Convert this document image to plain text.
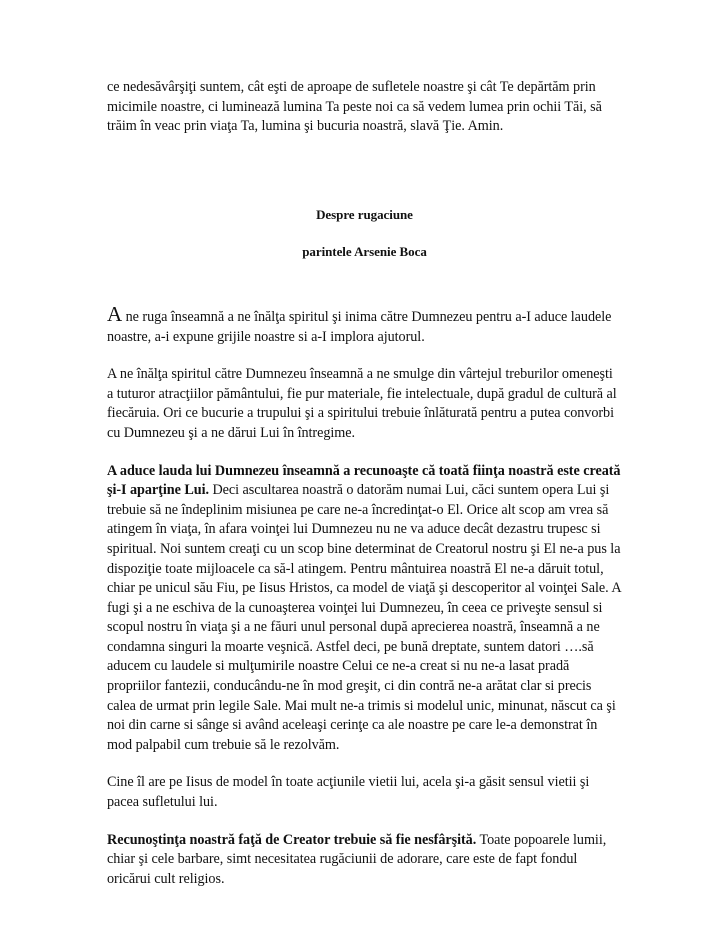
ce nedesăvârşiţi suntem, cât eşti de aproape de sufletele noastre şi cât Te depărtăm prin micimile noastre, ci luminează lumina Ta peste noi ca să vedem lumea prin ochii Tăi, să trăim în veac prin viaţa Ta, lumina şi bucuria noastră, slavă Ţie. Amin.

Despre rugaciune

parintele Arsenie Boca

A ne ruga înseamnă a ne înălţa spiritul şi inima către Dumnezeu pentru a-I aduce laudele noastre, a-i expune grijile noastre si a-I implora ajutorul.

A ne înălţa spiritul către Dumnezeu înseamnă a ne smulge din vârtejul treburilor omeneşti a tuturor atracţiilor pământului, fie pur materiale, fie intelectuale, după gradul de cultură al fiecăruia. Ori ce bucurie a trupului şi a spiritului trebuie înlăturată pentru a putea convorbi cu Dumnezeu şi a ne dărui Lui în întregime.

A aduce lauda lui Dumnezeu înseamnă a recunoaşte că toată fiinţa noastră este creată şi-I aparţine Lui. Deci ascultarea noastră o datorăm numai Lui, căci suntem opera Lui şi trebuie să ne îndeplinim misiunea pe care ne-a încredinţat-o El. Orice alt scop am vrea să atingem în viaţa, în afara voinţei lui Dumnezeu nu ne va aduce decât dezastru trupesc si spiritual. Noi suntem creaţi cu un scop bine determinat de Creatorul nostru şi El ne-a pus la dispoziţie toate mijloacele ca să-l atingem. Pentru mântuirea noastră El ne-a dăruit totul, chiar pe unicul său Fiu, pe Iisus Hristos, ca model de viaţă şi descoperitor al voinţei Sale. A fugi şi a ne eschiva de la cunoaşterea voinţei lui Dumnezeu, în ceea ce priveşte sensul si scopul nostru în viaţa şi a ne făuri unul personal după aprecierea noastră, înseamnă a ne condamna singuri la moarte veşnică. Astfel deci, pe bună dreptate, suntem datori ….să aducem cu laudele si mulţumirile noastre Celui ce ne-a creat si nu ne-a lasat pradă propriilor fantezii, conducându-ne în mod greşit, ci din contră ne-a arătat clar si precis calea de urmat prin legile Sale. Mai mult ne-a trimis si modelul unic, minunat, născut ca şi noi din carne si sânge si având aceleaşi cerinţe ca ale noastre pe care le-a demonstrat în mod palpabil cum trebuie să le rezolvăm.

Cine îl are pe Iisus de model în toate acţiunile vietii lui, acela şi-a găsit sensul vietii şi pacea sufletului lui.

Recunoştinţa noastră faţă de Creator trebuie să fie nesfârşită. Toate popoarele lumii, chiar şi cele barbare, simt necesitatea rugăciunii de adorare, care este de fapt fondul oricărui cult religios.
